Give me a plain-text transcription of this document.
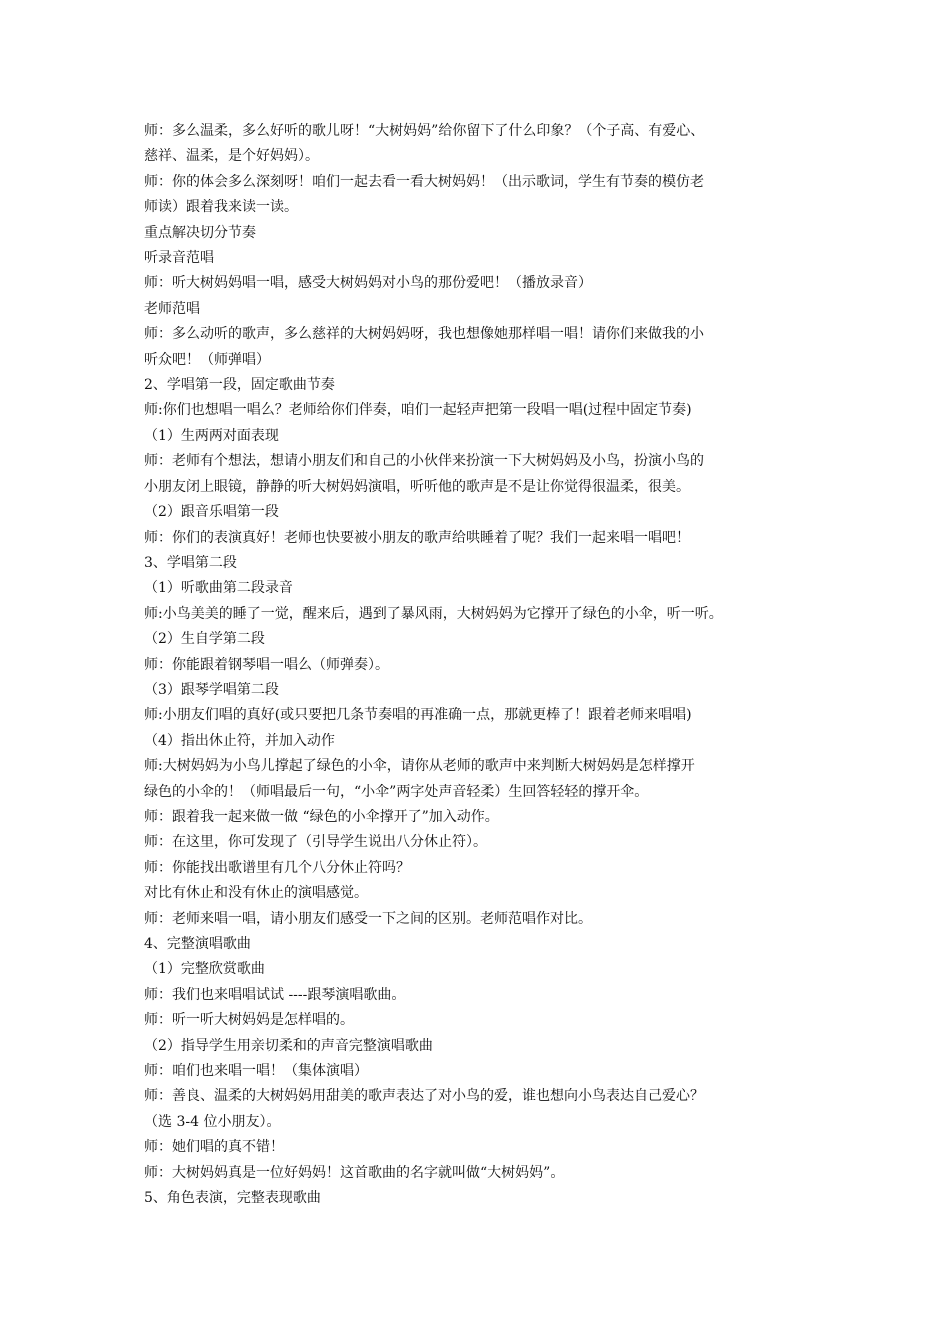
师：多么温柔，多么好听的歌儿呀！“大树妈妈”给你留下了什么印象？（个子高、有爱心、
慈祥、温柔，是个好妈妈）。
师：你的体会多么深刻呀！咱们一起去看一看大树妈妈！（出示歌词，学生有节奏的模仿老
师读）跟着我来读一读。
重点解决切分节奏
听录音范唱
师：听大树妈妈唱一唱，感受大树妈妈对小鸟的那份爱吧！（播放录音）
老师范唱
师：多么动听的歌声，多么慈祥的大树妈妈呀，我也想像她那样唱一唱！请你们来做我的小
听众吧！（师弹唱）
2、学唱第一段，固定歌曲节奏
师:你们也想唱一唱么？老师给你们伴奏，咱们一起轻声把第一段唱一唱(过程中固定节奏)
（1）生两两对面表现
师：老师有个想法，想请小朋友们和自己的小伙伴来扮演一下大树妈妈及小鸟，扮演小鸟的
小朋友闭上眼镜，静静的听大树妈妈演唱，听听他的歌声是不是让你觉得很温柔，很美。
（2）跟音乐唱第一段
师：你们的表演真好！老师也快要被小朋友的歌声给哄睡着了呢？我们一起来唱一唱吧！
3、学唱第二段
（1）听歌曲第二段录音
师:小鸟美美的睡了一觉，醒来后，遇到了暴风雨，大树妈妈为它撑开了绿色的小伞，听一听。
（2）生自学第二段
师：你能跟着钢琴唱一唱么（师弹奏）。
（3）跟琴学唱第二段
师:小朋友们唱的真好(或只要把几条节奏唱的再准确一点，那就更棒了！跟着老师来唱唱)
（4）指出休止符，并加入动作
师:大树妈妈为小鸟儿撑起了绿色的小伞，请你从老师的歌声中来判断大树妈妈是怎样撑开
绿色的小伞的！（师唱最后一句，“小伞”两字处声音轻柔）生回答轻轻的撑开伞。
师：跟着我一起来做一做 “绿色的小伞撑开了”加入动作。
师：在这里，你可发现了（引导学生说出八分休止符）。
师：你能找出歌谱里有几个八分休止符吗？
对比有休止和没有休止的演唱感觉。
师：老师来唱一唱，请小朋友们感受一下之间的区别。老师范唱作对比。
4、完整演唱歌曲
（1）完整欣赏歌曲
师：我们也来唱唱试试 ----跟琴演唱歌曲。
师：听一听大树妈妈是怎样唱的。
（2）指导学生用亲切柔和的声音完整演唱歌曲
师：咱们也来唱一唱！（集体演唱）
师：善良、温柔的大树妈妈用甜美的歌声表达了对小鸟的爱，谁也想向小鸟表达自己爱心？
（选 3-4 位小朋友）。
师：她们唱的真不错！
师：大树妈妈真是一位好妈妈！这首歌曲的名字就叫做“大树妈妈”。
5、角色表演，完整表现歌曲
